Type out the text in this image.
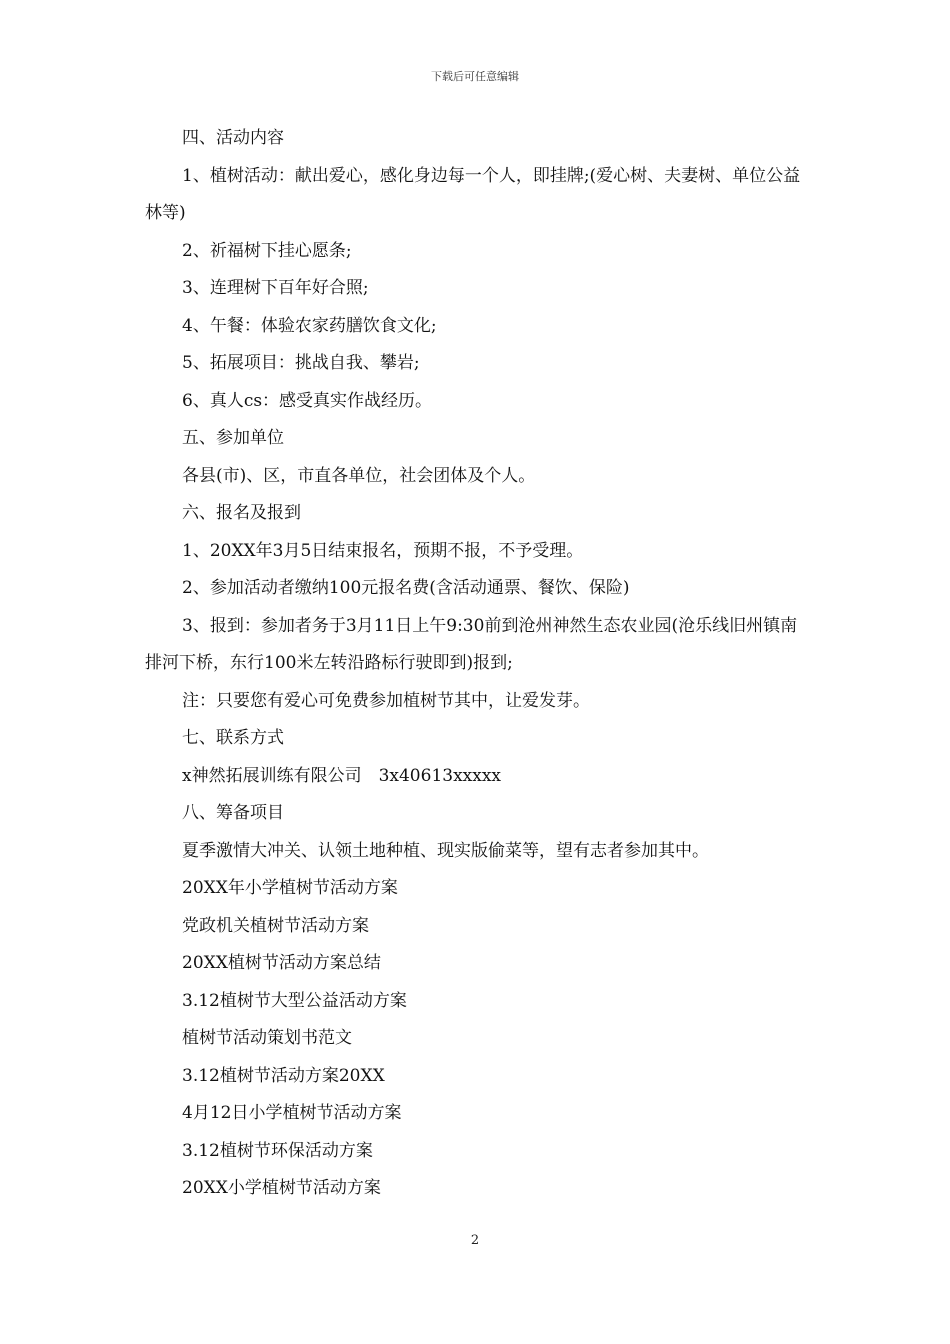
下载后可任意编辑

四、活动内容

1、植树活动：献出爱心，感化身边每一个人，即挂牌;(爱心树、夫妻树、单位公益林等)

2、祈福树下挂心愿条;

3、连理树下百年好合照;

4、午餐：体验农家药膳饮食文化;

5、拓展项目：挑战自我、攀岩;

6、真人cs：感受真实作战经历。

五、参加单位

各县(市)、区，市直各单位，社会团体及个人。

六、报名及报到

1、20XX年3月5日结束报名，预期不报，不予受理。

2、参加活动者缴纳100元报名费(含活动通票、餐饮、保险)

3、报到：参加者务于3月11日上午9:30前到沧州神然生态农业园(沧乐线旧州镇南排河下桥，东行100米左转沿路标行驶即到)报到;

注：只要您有爱心可免费参加植树节其中，让爱发芽。

七、联系方式

x神然拓展训练有限公司　3x40613xxxxx

八、筹备项目

夏季激情大冲关、认领土地种植、现实版偷菜等，望有志者参加其中。

20XX年小学植树节活动方案

党政机关植树节活动方案

20XX植树节活动方案总结

3.12植树节大型公益活动方案

植树节活动策划书范文

3.12植树节活动方案20XX

4月12日小学植树节活动方案

3.12植树节环保活动方案

20XX小学植树节活动方案

2
